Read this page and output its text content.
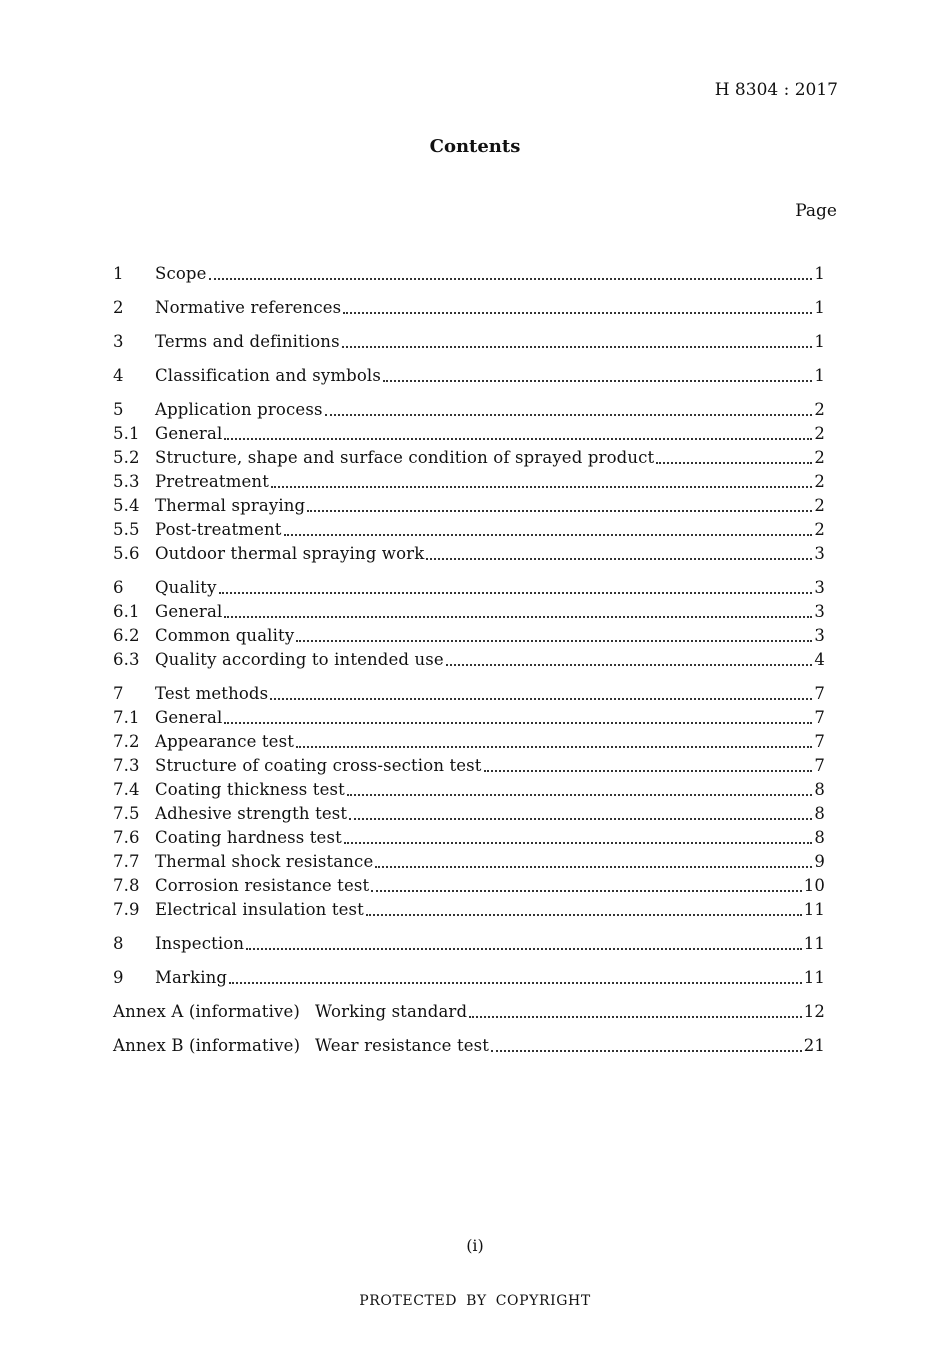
H 8304 : 2017
Contents
Page
1	Scope	1
2	Normative references	1
3	Terms and definitions	1
4	Classification and symbols	1
5	Application process	2
5.1 General	2
5.2 Structure, shape and surface condition of sprayed product	2
5.3 Pretreatment	2
5.4 Thermal spraying	2
5.5 Post-treatment	2
5.6 Outdoor thermal spraying work	3
6	Quality	3
6.1 General	3
6.2 Common quality	3
6.3 Quality according to intended use	4
7	Test methods	7
7.1 General	7
7.2 Appearance test	7
7.3 Structure of coating cross-section test	7
7.4 Coating thickness test	8
7.5 Adhesive strength test	8
7.6 Coating hardness test	8
7.7 Thermal shock resistance	9
7.8 Corrosion resistance test	10
7.9 Electrical insulation test	11
8	Inspection	11
9	Marking	11
Annex A (informative) Working standard	12
Annex B (informative) Wear resistance test	21
(i)
PROTECTED BY COPYRIGHT
